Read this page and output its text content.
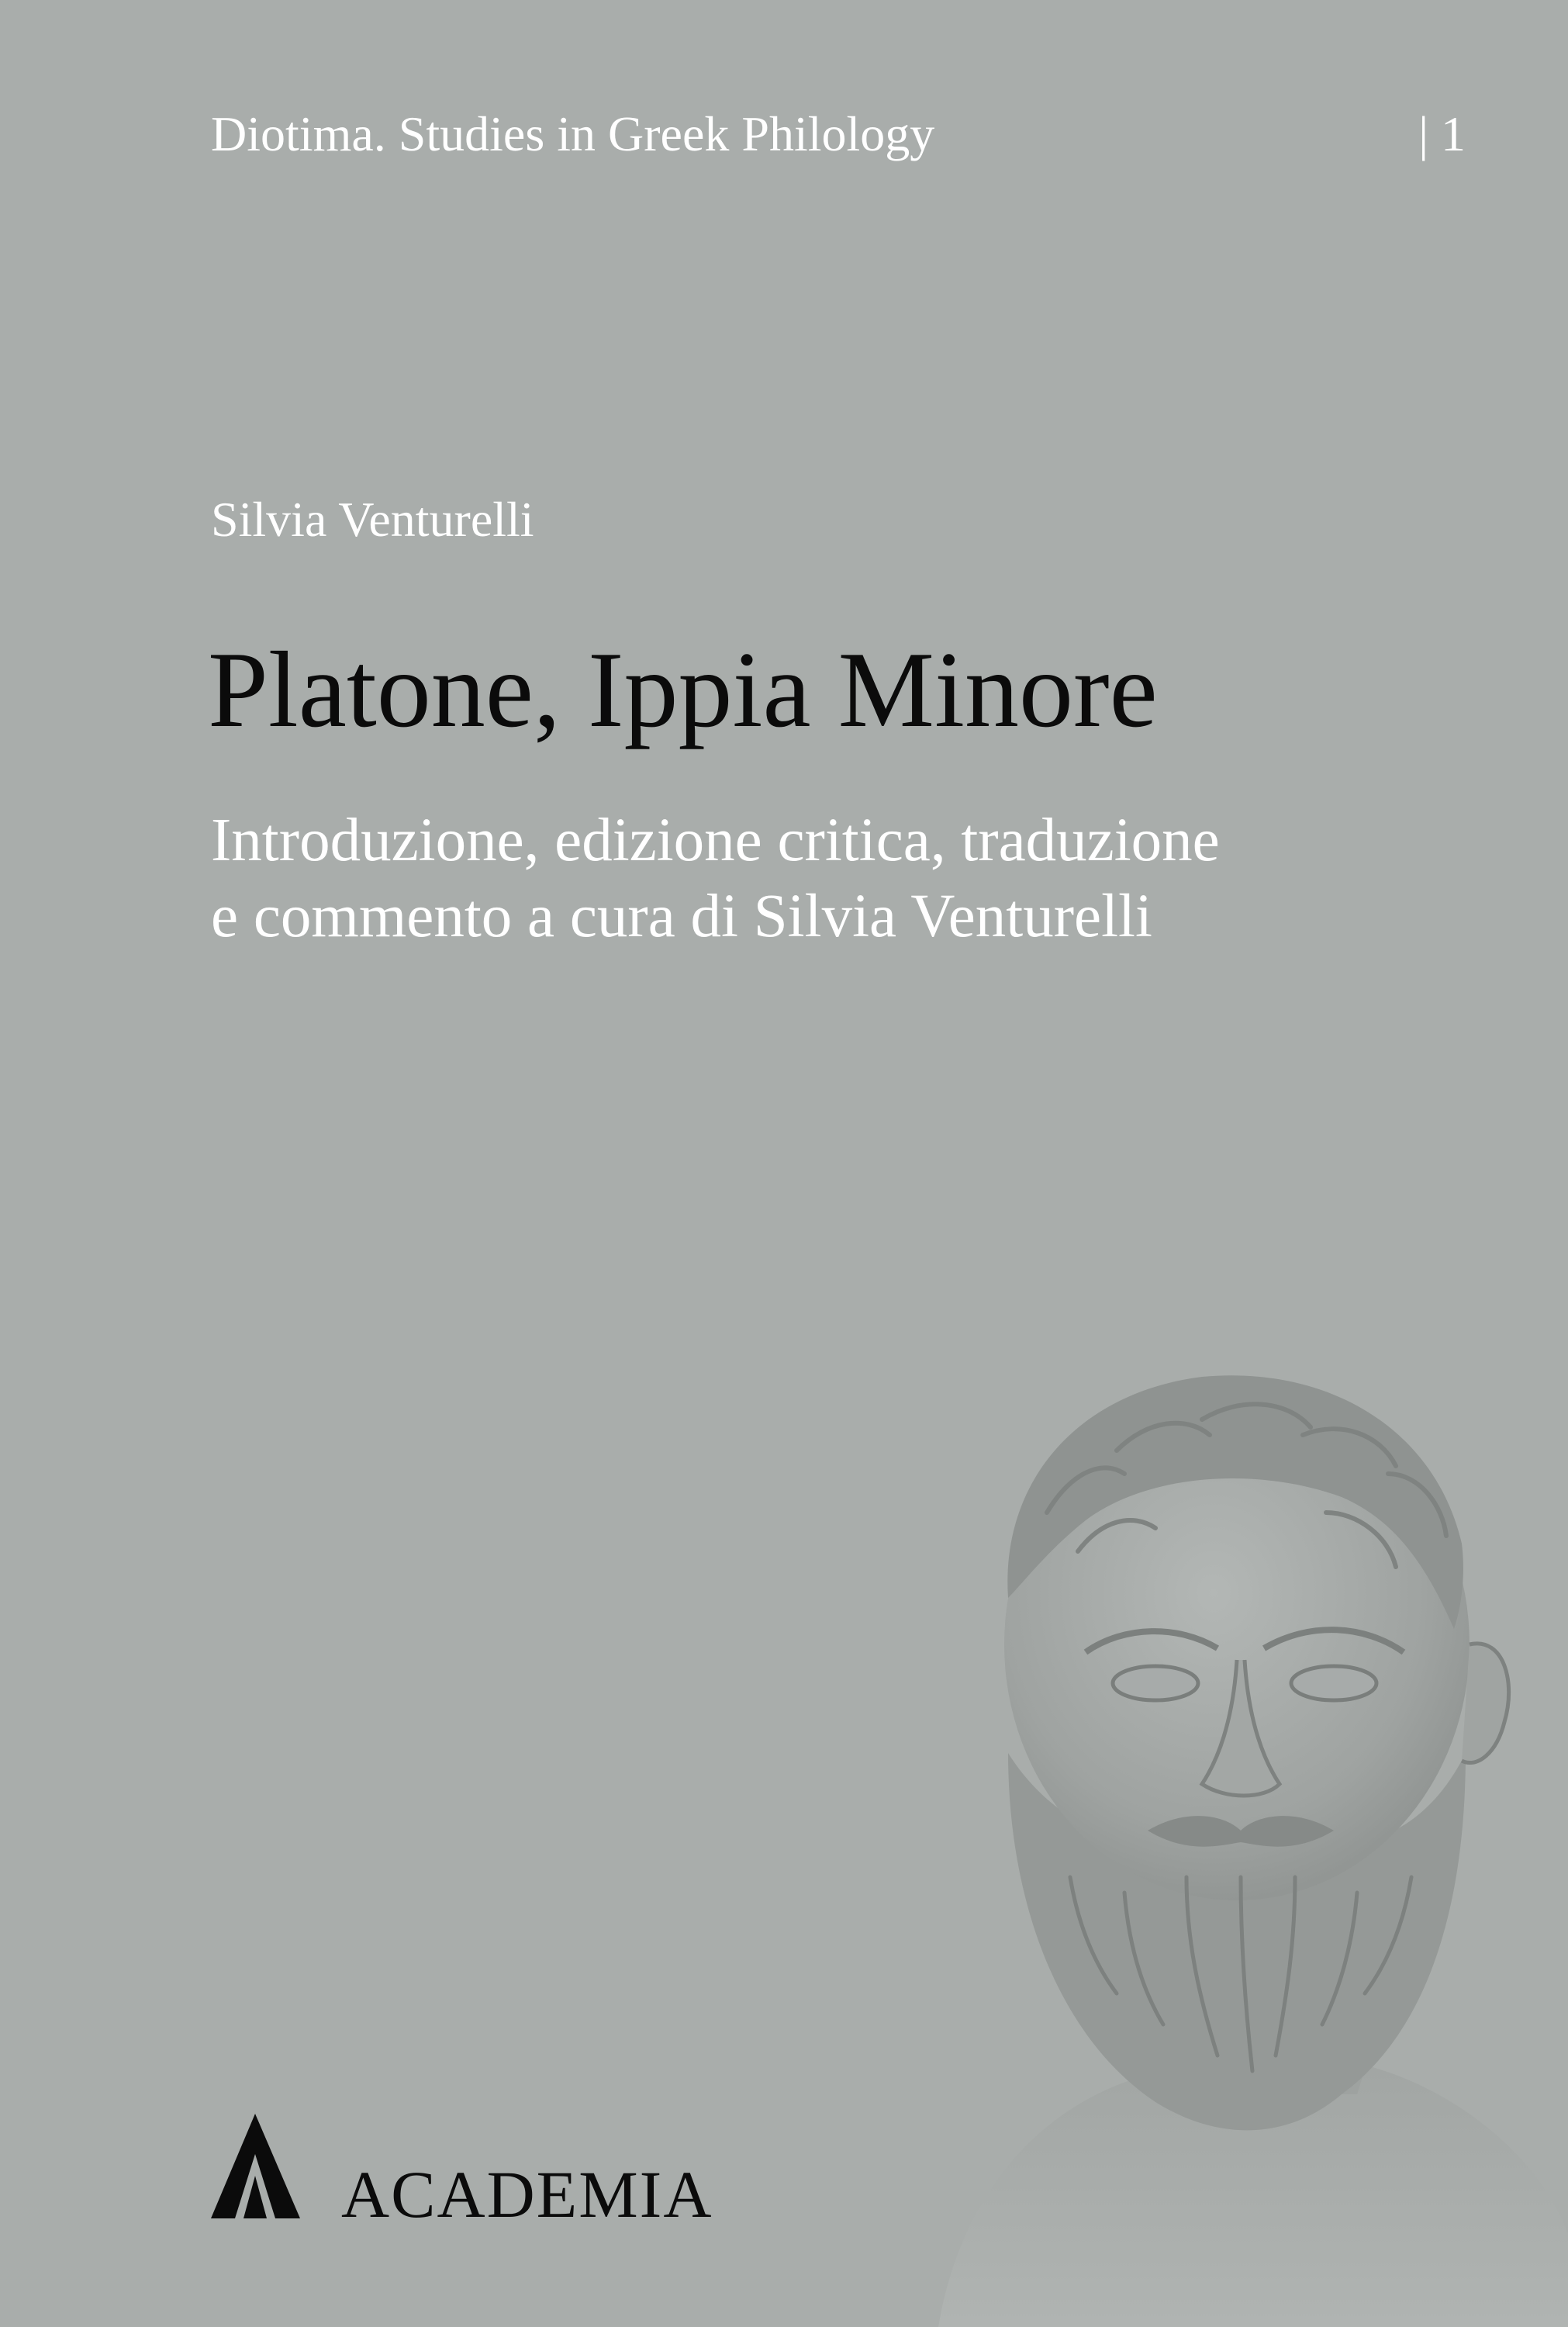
Diotima. Studies in Greek Philology	| 1
Silvia Venturelli
Platone, Ippia Minore
Introduzione, edizione critica, traduzione
e commento a cura di Silvia Venturelli
ACADEMIA
